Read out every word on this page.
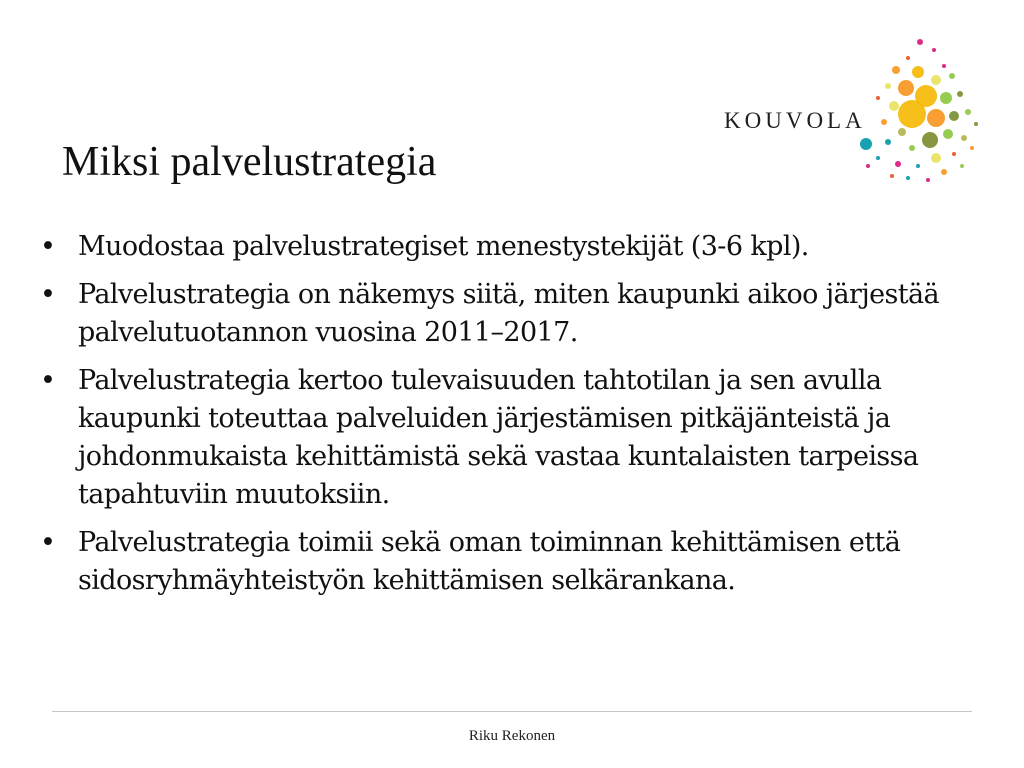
Miksi palvelustrategia
KOUVOLA
• Muodostaa palvelustrategiset menestystekijät (3-6 kpl).
• Palvelustrategia on näkemys siitä, miten kaupunki aikoo järjestää palvelutuotannon vuosina 2011–2017.
• Palvelustrategia kertoo tulevaisuuden tahtotilan ja sen avulla kaupunki toteuttaa palveluiden järjestämisen pitkäjänteistä ja johdonmukaista kehittämistä sekä vastaa kuntalaisten tarpeissa tapahtuviin muutoksiin.
• Palvelustrategia toimii sekä oman toiminnan kehittämisen että sidosryhmäyhteistyön kehittämisen selkärankana.
Riku Rekonen
